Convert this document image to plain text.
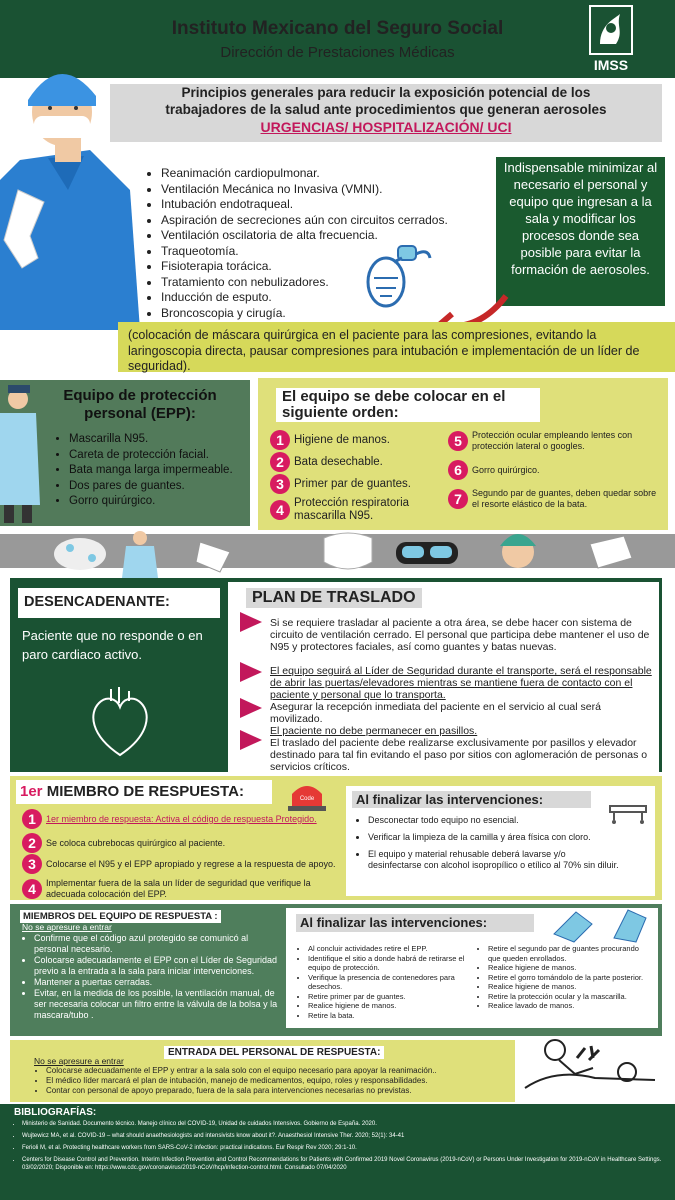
Instituto Mexicano del Seguro Social
Dirección de Prestaciones Médicas
IMSS
Principios generales para reducir la exposición potencial de los
trabajadores de la salud ante procedimientos que generan aerosoles
URGENCIAS/ HOSPITALIZACIÓN/ UCI
• Reanimación cardiopulmonar.
• Ventilación Mecánica no Invasiva (VMNI).
• Intubación endotraqueal.
• Aspiración de secreciones aún con circuitos cerrados.
• Ventilación oscilatoria de alta frecuencia.
• Traqueotomía.
• Fisioterapia torácica.
• Tratamiento con nebulizadores.
• Inducción de esputo.
• Broncoscopia y cirugía.
Indispensable minimizar al necesario el personal y equipo que ingresan a la sala y modificar los procesos donde sea posible para evitar la formación de aerosoles.
(colocación de máscara quirúrgica en el paciente para las compresiones, evitando la laringoscopia directa, pausar compresiones para intubación e implementación de un líder de seguridad).
Equipo de protección personal (EPP):
• Mascarilla N95.
• Careta de protección facial.
• Bata manga larga impermeable.
• Dos pares de guantes.
• Gorro quirúrgico.
El equipo se debe colocar en el siguiente orden:
1 Higiene de manos.
2 Bata desechable.
3 Primer par de guantes.
4 Protección respiratoria mascarilla N95.
5	Protección ocular empleando lentes con protección lateral o googles.
6	Gorro quirúrgico.
7	Segundo par de guantes, deben quedar sobre el resorte elástico de la bata.
DESENCADENANTE:
Paciente que no responde o en paro cardiaco activo.
PLAN DE TRASLADO
Si se requiere trasladar al paciente a otra área, se debe hacer con sistema de circuito de ventilación cerrado. El personal que participa debe mantener el uso de N95 y protectores faciales, así como guantes y batas nuevas.
El equipo seguirá al Líder de Seguridad durante el transporte, será el responsable de abrir las puertas/elevadores mientras se mantiene fuera de contacto con el paciente y personal que lo transporta.
Asegurar la recepción inmediata del paciente en el servicio al cual será movilizado.
El paciente no debe permanecer en pasillos.
El traslado del paciente debe realizarse exclusivamente por pasillos y elevador destinado para tal fin evitando el paso por sitios con aglomeración de personas o servicios críticos.
1er MIEMBRO DE RESPUESTA:	Code
1	1er miembro de respuesta: Activa el código de respuesta Protegido.
2	Se coloca cubrebocas quirúrgico al paciente.
3	Colocarse el N95 y el EPP apropiado y regrese a la respuesta de apoyo.
4	Implementar fuera de la sala un líder de seguridad que verifique la adecuada colocación del EPP.
Al finalizar las intervenciones:
• Desconectar todo equipo no esencial.
• Verificar la limpieza de la camilla y área física con cloro.
• El equipo y material rehusable deberá lavarse y/o desinfectarse con alcohol isopropílico o etílico al 70% sin diluir.
MIEMBROS DEL EQUIPO DE RESPUESTA :
No se apresure a entrar
• Confirme que el código azul protegido se comunicó al personal necesario.
• Colocarse adecuadamente el EPP con el Líder de Seguridad previo a la entrada a la sala para iniciar intervenciones.
• Mantener a puertas cerradas.
• Evitar, en la medida de los posible, la ventilación manual, de ser necesaria colocar un filtro entre la válvula de la bolsa y la mascara/tubo .
Al finalizar las intervenciones:
• Al concluir actividades retire el EPP.
• Identifique el sitio a donde habrá de retirarse el equipo de protección.
• Verifique la presencia de contenedores para desechos.
• Retire primer par de guantes.
• Realice higiene de manos.
• Retire la bata.
• Retire el segundo par de guantes procurando que queden enrollados.
• Realice higiene de manos.
• Retire el gorro tomándolo de la parte posterior.
• Realice higiene de manos.
• Retire la protección ocular y la mascarilla.
• Realice lavado de manos.
ENTRADA DEL PERSONAL DE RESPUESTA:
No se apresure a entrar
• Colocarse adecuadamente el EPP y entrar a la sala solo con el equipo necesario para apoyar la reanimación..
• El médico líder marcará el plan de intubación, manejo de medicamentos, equipo, roles y responsabilidades.
• Contar con personal de apoyo preparado, fuera de la sala para intervenciones necesarias no previstas.
BIBLIOGRAFÍAS:
• Ministerio de Sanidad. Documento técnico. Manejo clínico del COVID-19, Unidad de cuidados Intensivos. Gobierno de España. 2020.
• Wujtewicz MA, et al. COVID-19 – what should anaethesiologists and intensivists know about it?. Anaesthesiol Intensive Ther. 2020; 52(1): 34-41
• Ferioli M, et al. Protecting healthcare workers from SARS-CoV-2 infection: practical indications. Eur Respir Rev 2020; 29:1-10.
• Centers for Disease Control and Prevention. Interim Infection Prevention and Control Recommendations for Patients with Confirmed 2019 Novel Coronavirus (2019-nCoV) or Persons Under Investigation for 2019-nCoV in Healthcare Settings. 03/02/2020; Disponible en: https://www.cdc.gov/coronavirus/2019-nCoV/hcp/infection-control.html. Consultado 07/04/2020
